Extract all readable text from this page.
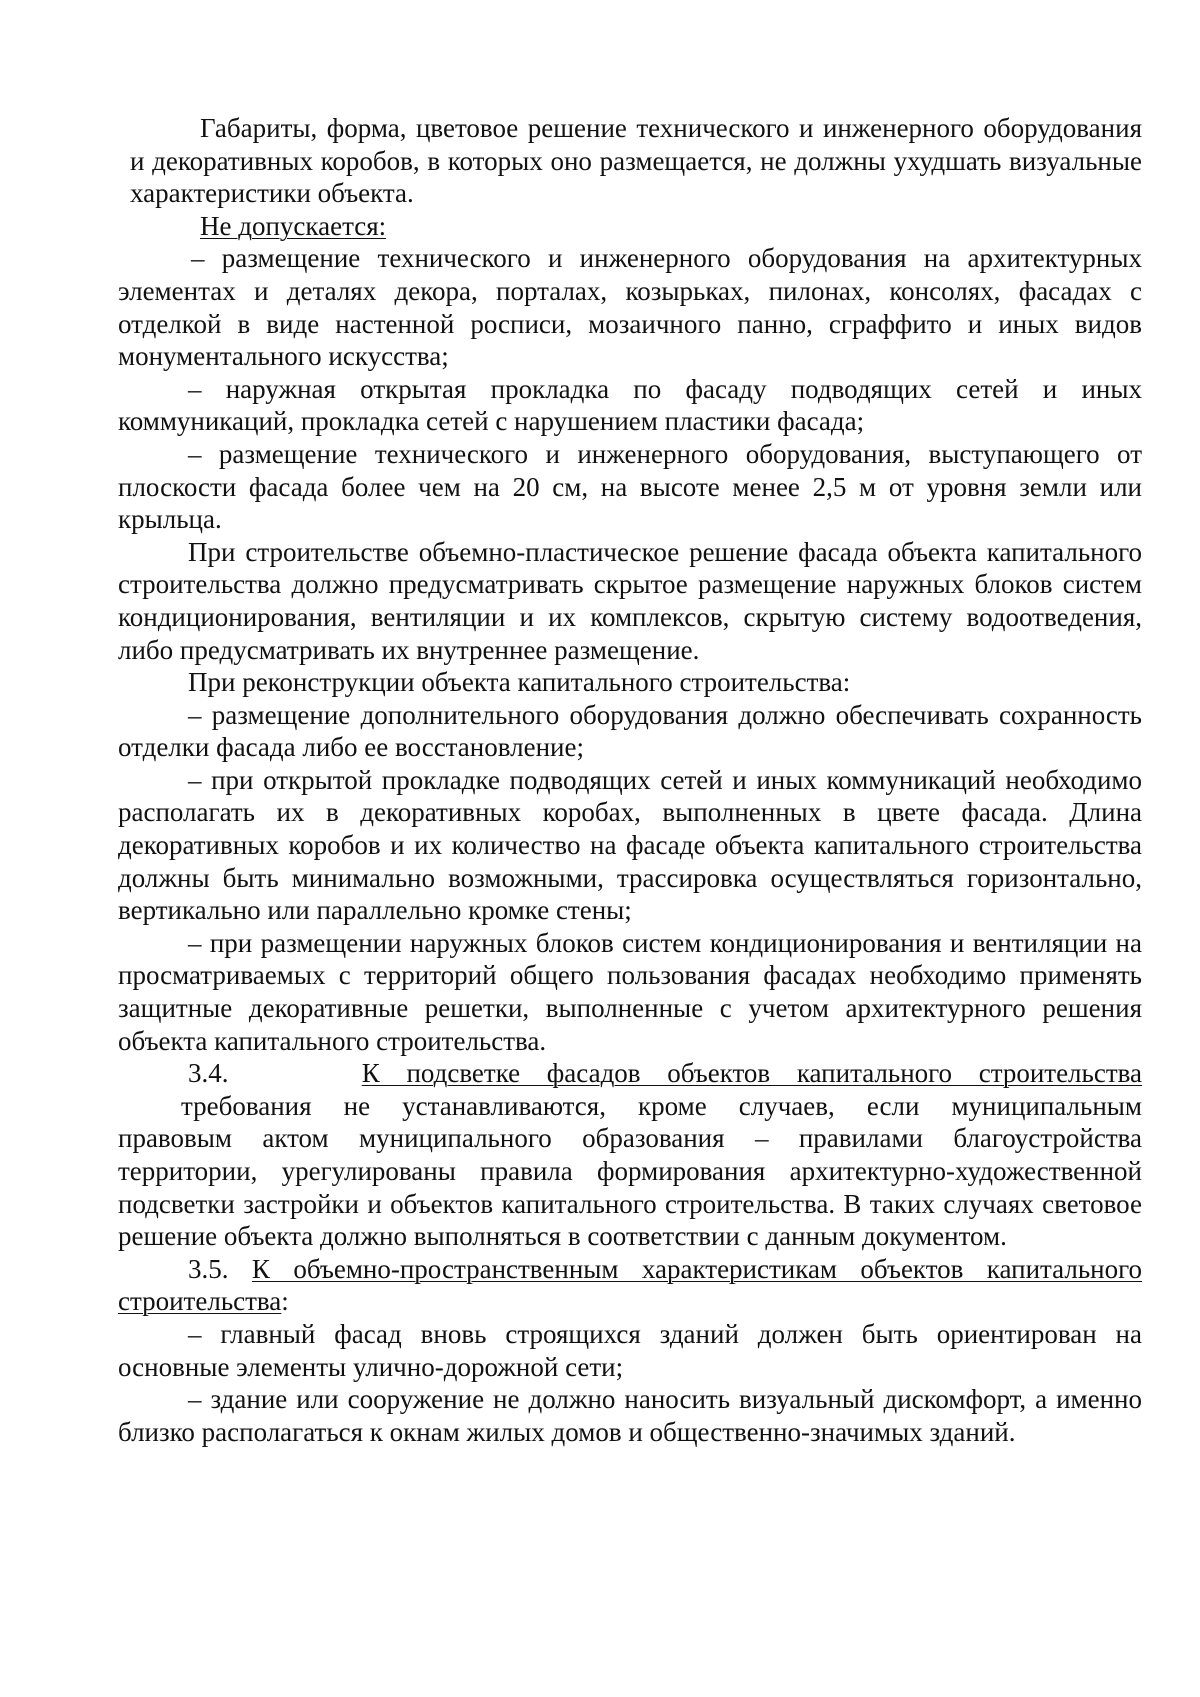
Габариты, форма, цветовое решение технического и инженерного оборудования и декоративных коробов, в которых оно размещается, не должны ухудшать визуальные характеристики объекта.

Не допускается:

– размещение технического и инженерного оборудования на архитектурных элементах и деталях декора, порталах, козырьках, пилонах, консолях, фасадах с отделкой в виде настенной росписи, мозаичного панно, сграффито и иных видов монументального искусства;

– наружная открытая прокладка по фасаду подводящих сетей и иных коммуникаций, прокладка сетей с нарушением пластики фасада;

– размещение технического и инженерного оборудования, выступающего от плоскости фасада более чем на 20 см, на высоте менее 2,5 м от уровня земли или крыльца.

При строительстве объемно-пластическое решение фасада объекта капитального строительства должно предусматривать скрытое размещение наружных блоков систем кондиционирования, вентиляции и их комплексов, скрытую систему водоотведения, либо предусматривать их внутреннее размещение.

При реконструкции объекта капитального строительства:

– размещение дополнительного оборудования должно обеспечивать сохранность отделки фасада либо ее восстановление;

– при открытой прокладке подводящих сетей и иных коммуникаций необходимо располагать их в декоративных коробах, выполненных в цвете фасада. Длина декоративных коробов и их количество на фасаде объекта капитального строительства должны быть минимально возможными, трассировка осуществляться горизонтально, вертикально или параллельно кромке стены;

– при размещении наружных блоков систем кондиционирования и вентиляции на просматриваемых с территорий общего пользования фасадах необходимо применять защитные декоративные решетки, выполненные с учетом архитектурного решения объекта капитального строительства.

3.4.	К подсветке фасадов объектов капитального строительства

требования не устанавливаются, кроме случаев, если муниципальным

правовым актом муниципального образования – правилами благоустройства территории, урегулированы правила формирования архитектурно-художественной подсветки застройки и объектов капитального строительства. В таких случаях световое решение объекта должно выполняться в соответствии с данным документом.

3.5. К объемно-пространственным характеристикам объектов капитального строительства:

– главный фасад вновь строящихся зданий должен быть ориентирован на основные элементы улично-дорожной сети;

– здание или сооружение не должно наносить визуальный дискомфорт, а именно близко располагаться к окнам жилых домов и общественно-значимых зданий.
